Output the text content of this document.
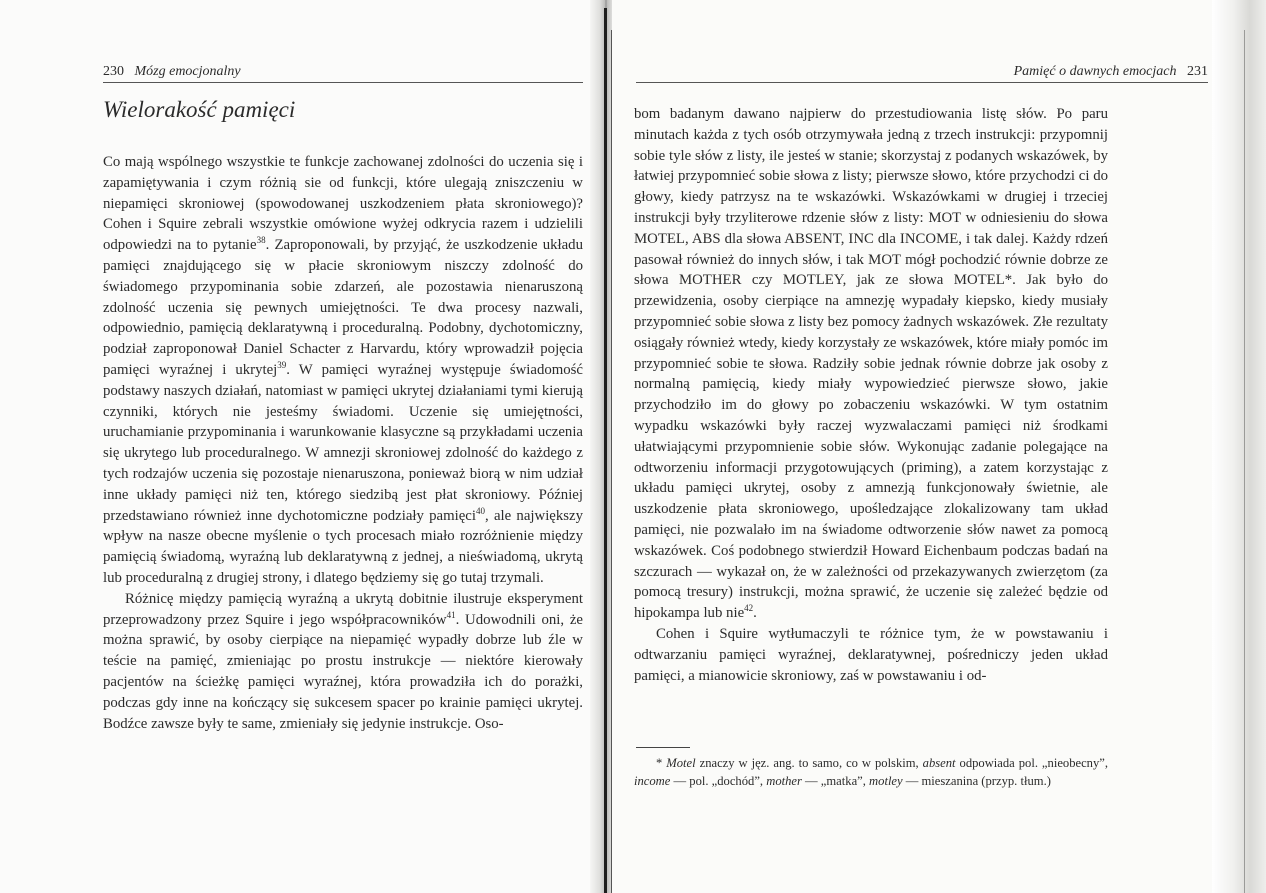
230 Mózg emocjonalny
Wielorakość pamięci

Co mają wspólnego wszystkie te funkcje zachowanej zdolności do uczenia się i zapamiętywania i czym różnią sie od funkcji, które ulegają zniszczeniu w niepamięci skroniowej (spowodowanej uszkodzeniem płata skroniowego)? Cohen i Squire zebrali wszystkie omówione wyżej odkrycia razem i udzielili odpowiedzi na to pytanie$^{38}$. Zaproponowali, by przyjąć, że uszkodzenie układu pamięci znajdującego się w płacie skroniowym niszczy zdolność do świadomego przypominania sobie zdarzeń, ale pozostawia nienaruszoną zdolność uczenia się pewnych umiejętności. Te dwa procesy nazwali, odpowiednio, pamięcią deklaratywną i proceduralną. Podobny, dychotomiczny, podział zaproponował Daniel Schacter z Harvardu, który wprowadził pojęcia pamięci wyraźnej i ukrytej$^{39}$. W pamięci wyraźnej występuje świadomość podstawy naszych działań, natomiast w pamięci ukrytej działaniami tymi kierują czynniki, których nie jesteśmy świadomi. Uczenie się umiejętności, uruchamianie przypominania i warunkowanie klasyczne są przykładami uczenia się ukrytego lub proceduralnego. W amnezji skroniowej zdolność do każdego z tych rodzajów uczenia się pozostaje nienaruszona, ponieważ biorą w nim udział inne układy pamięci niż ten, którego siedzibą jest płat skroniowy. Później przedstawiano również inne dychotomiczne podziały pamięci$^{40}$, ale największy wpływ na nasze obecne myślenie o tych procesach miało rozróżnienie między pamięcią świadomą, wyraźną lub deklaratywną z jednej, a nieświadomą, ukrytą lub proceduralną z drugiej strony, i dlatego będziemy się go tutaj trzymali.

Różnicę między pamięcią wyraźną a ukrytą dobitnie ilustruje eksperyment przeprowadzony przez Squire i jego współpracowników$^{41}$. Udowodnili oni, że można sprawić, by osoby cierpiące na niepamięć wypadły dobrze lub źle w teście na pamięć, zmieniając po prostu instrukcje — niektóre kierowały pacjentów na ścieżkę pamięci wyraźnej, która prowadziła ich do porażki, podczas gdy inne na kończący się sukcesem spacer po krainie pamięci ukrytej. Bodźce zawsze były te same, zmieniały się jedynie instrukcje. Oso-

Pamięć o dawnych emocjach 231

bom badanym dawano najpierw do przestudiowania listę słów. Po paru minutach każda z tych osób otrzymywała jedną z trzech instrukcji: przypomnij sobie tyle słów z listy, ile jesteś w stanie; skorzystaj z podanych wskazówek, by łatwiej przypomnieć sobie słowa z listy; pierwsze słowo, które przychodzi ci do głowy, kiedy patrzysz na te wskazówki. Wskazówkami w drugiej i trzeciej instrukcji były trzyliterowe rdzenie słów z listy: MOT w odniesieniu do słowa MOTEL, ABS dla słowa ABSENT, INC dla INCOME, i tak dalej. Każdy rdzeń pasował również do innych słów, i tak MOT mógł pochodzić równie dobrze ze słowa MOTHER czy MOTLEY, jak ze słowa MOTEL*. Jak było do przewidzenia, osoby cierpiące na amnezję wypadały kiepsko, kiedy musiały przypomnieć sobie słowa z listy bez pomocy żadnych wskazówek. Złe rezultaty osiągały również wtedy, kiedy korzystały ze wskazówek, które miały pomóc im przypomnieć sobie te słowa. Radziły sobie jednak równie dobrze jak osoby z normalną pamięcią, kiedy miały wypowiedzieć pierwsze słowo, jakie przychodziło im do głowy po zobaczeniu wskazówki. W tym ostatnim wypadku wskazówki były raczej wyzwalaczami pamięci niż środkami ułatwiającymi przypomnienie sobie słów. Wykonując zadanie polegające na odtworzeniu informacji przygotowujących (priming), a zatem korzystając z układu pamięci ukrytej, osoby z amnezją funkcjonowały świetnie, ale uszkodzenie płata skroniowego, upośledzające zlokalizowany tam układ pamięci, nie pozwalało im na świadome odtworzenie słów nawet za pomocą wskazówek. Coś podobnego stwierdził Howard Eichenbaum podczas badań na szczurach — wykazał on, że w zależności od przekazywanych zwierzętom (za pomocą tresury) instrukcji, można sprawić, że uczenie się zależeć będzie od hipokampa lub nie$^{42}$.

Cohen i Squire wytłumaczyli te różnice tym, że w powstawaniu i odtwarzaniu pamięci wyraźnej, deklaratywnej, pośredniczy jeden układ pamięci, a mianowicie skroniowy, zaś w powstawaniu i od-

* Motel znaczy w jęz. ang. to samo, co w polskim, absent odpowiada pol. „nieobecny”, income — pol. „dochód”, mother — „matka”, motley — mieszanina (przyp. tłum.)
